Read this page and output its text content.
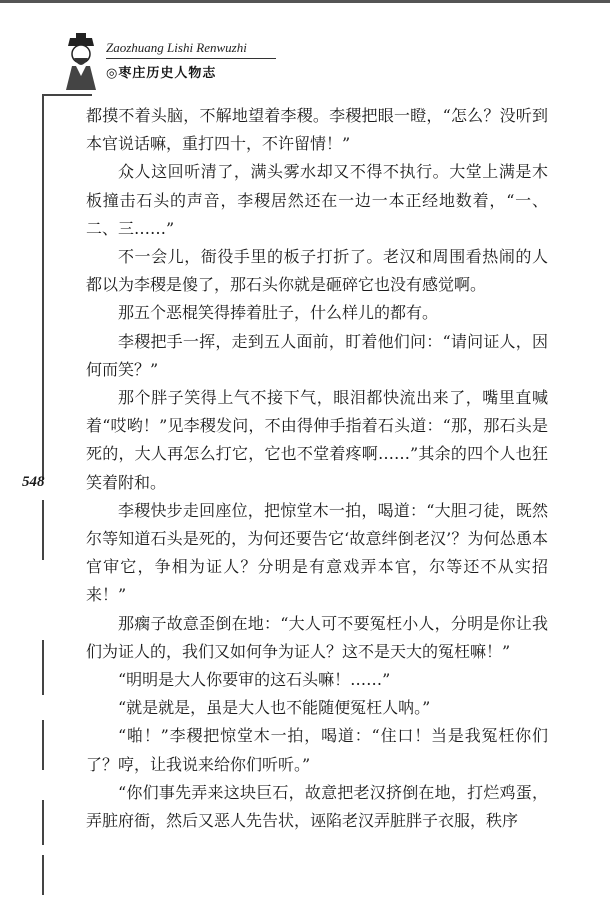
Zaozhuang Lishi Renwuzhi
◎枣庄历史人物志
548

都摸不着头脑，不解地望着李稷。李稷把眼一瞪，“怎么？没听到本官说话嘛，重打四十，不许留情！”

众人这回听清了，满头雾水却又不得不执行。大堂上满是木板撞击石头的声音，李稷居然还在一边一本正经地数着，“一、二、三……”

不一会儿，衙役手里的板子打折了。老汉和周围看热闹的人都以为李稷是傻了，那石头你就是砸碎它也没有感觉啊。

那五个恶棍笑得捧着肚子，什么样儿的都有。

李稷把手一挥，走到五人面前，盯着他们问：“请问证人，因何而笑？”

那个胖子笑得上气不接下气，眼泪都快流出来了，嘴里直喊着“哎哟！”见李稷发问，不由得伸手指着石头道：“那，那石头是死的，大人再怎么打它，它也不堂着疼啊……”其余的四个人也狂笑着附和。

李稷快步走回座位，把惊堂木一拍，喝道：“大胆刁徒，既然尔等知道石头是死的，为何还要告它‘故意绊倒老汉’？为何怂恿本官审它，争相为证人？分明是有意戏弄本官，尔等还不从实招来！”

那瘸子故意歪倒在地：“大人可不要冤枉小人，分明是你让我们为证人的，我们又如何争为证人？这不是天大的冤枉嘛！”

“明明是大人你要审的这石头嘛！……”

“就是就是，虽是大人也不能随便冤枉人呐。”

“啪！”李稷把惊堂木一拍，喝道：“住口！当是我冤枉你们了？哼，让我说来给你们听听。”

“你们事先弄来这块巨石，故意把老汉挤倒在地，打烂鸡蛋，弄脏府衙，然后又恶人先告状，诬陷老汉弄脏胖子衣服，秩序
